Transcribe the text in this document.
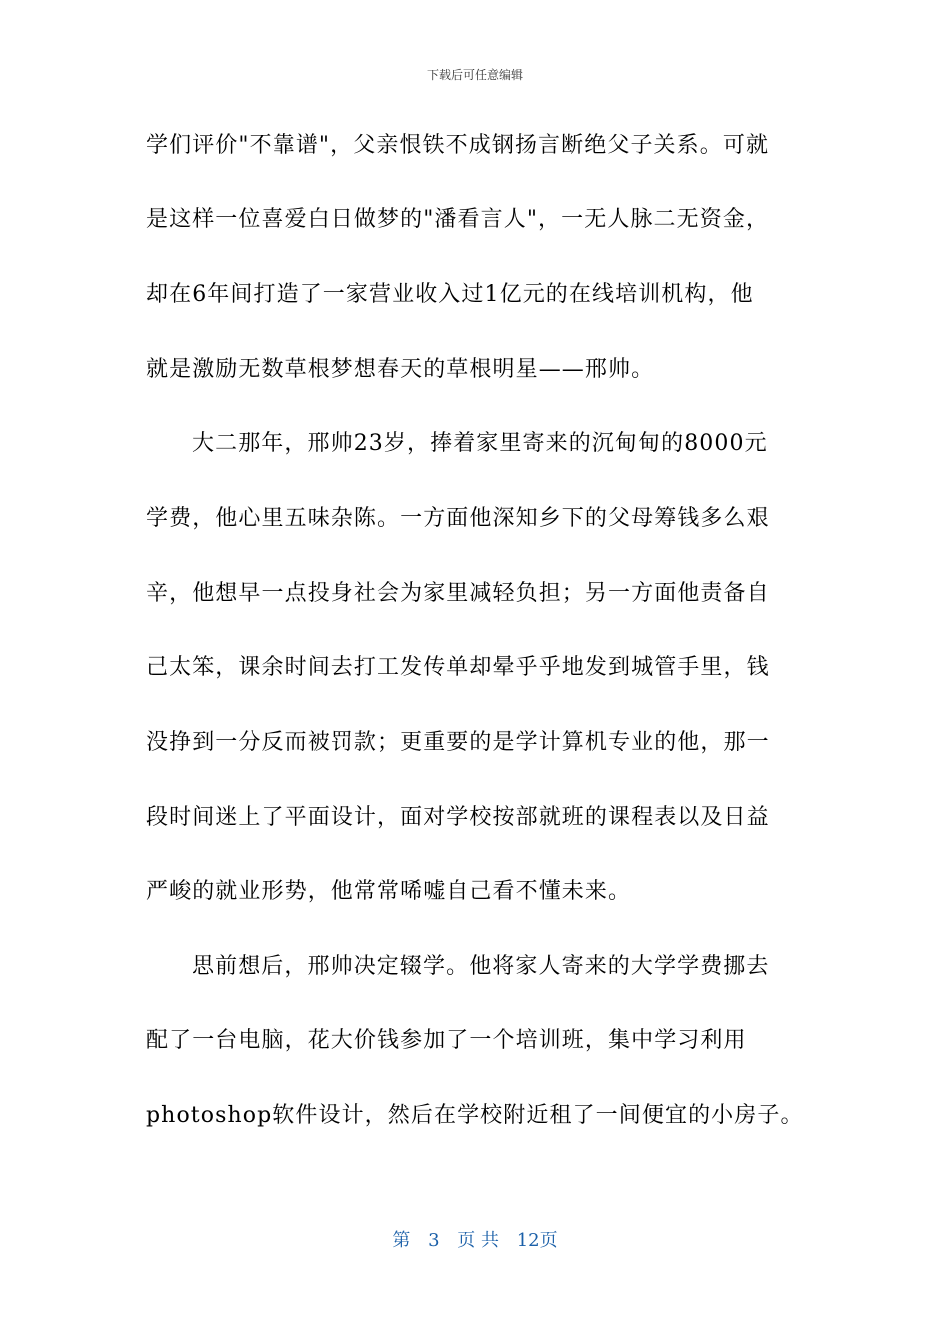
下载后可任意编辑
学们评价"不靠谱"，父亲恨铁不成钢扬言断绝父子关系。可就
是这样一位喜爱白日做梦的"潘看言人"，一无人脉二无资金，
却在6年间打造了一家营业收入过1亿元的在线培训机构，他
就是激励无数草根梦想春天的草根明星——邢帅。
大二那年，邢帅23岁，捧着家里寄来的沉甸甸的8000元
学费，他心里五味杂陈。一方面他深知乡下的父母筹钱多么艰
辛，他想早一点投身社会为家里减轻负担；另一方面他责备自
己太笨，课余时间去打工发传单却晕乎乎地发到城管手里，钱
没挣到一分反而被罚款；更重要的是学计算机专业的他，那一
段时间迷上了平面设计，面对学校按部就班的课程表以及日益
严峻的就业形势，他常常唏嘘自己看不懂未来。
思前想后，邢帅决定辍学。他将家人寄来的大学学费挪去
配了一台电脑，花大价钱参加了一个培训班，集中学习利用
photoshop软件设计，然后在学校附近租了一间便宜的小房子。
第 3 页 共 12页
